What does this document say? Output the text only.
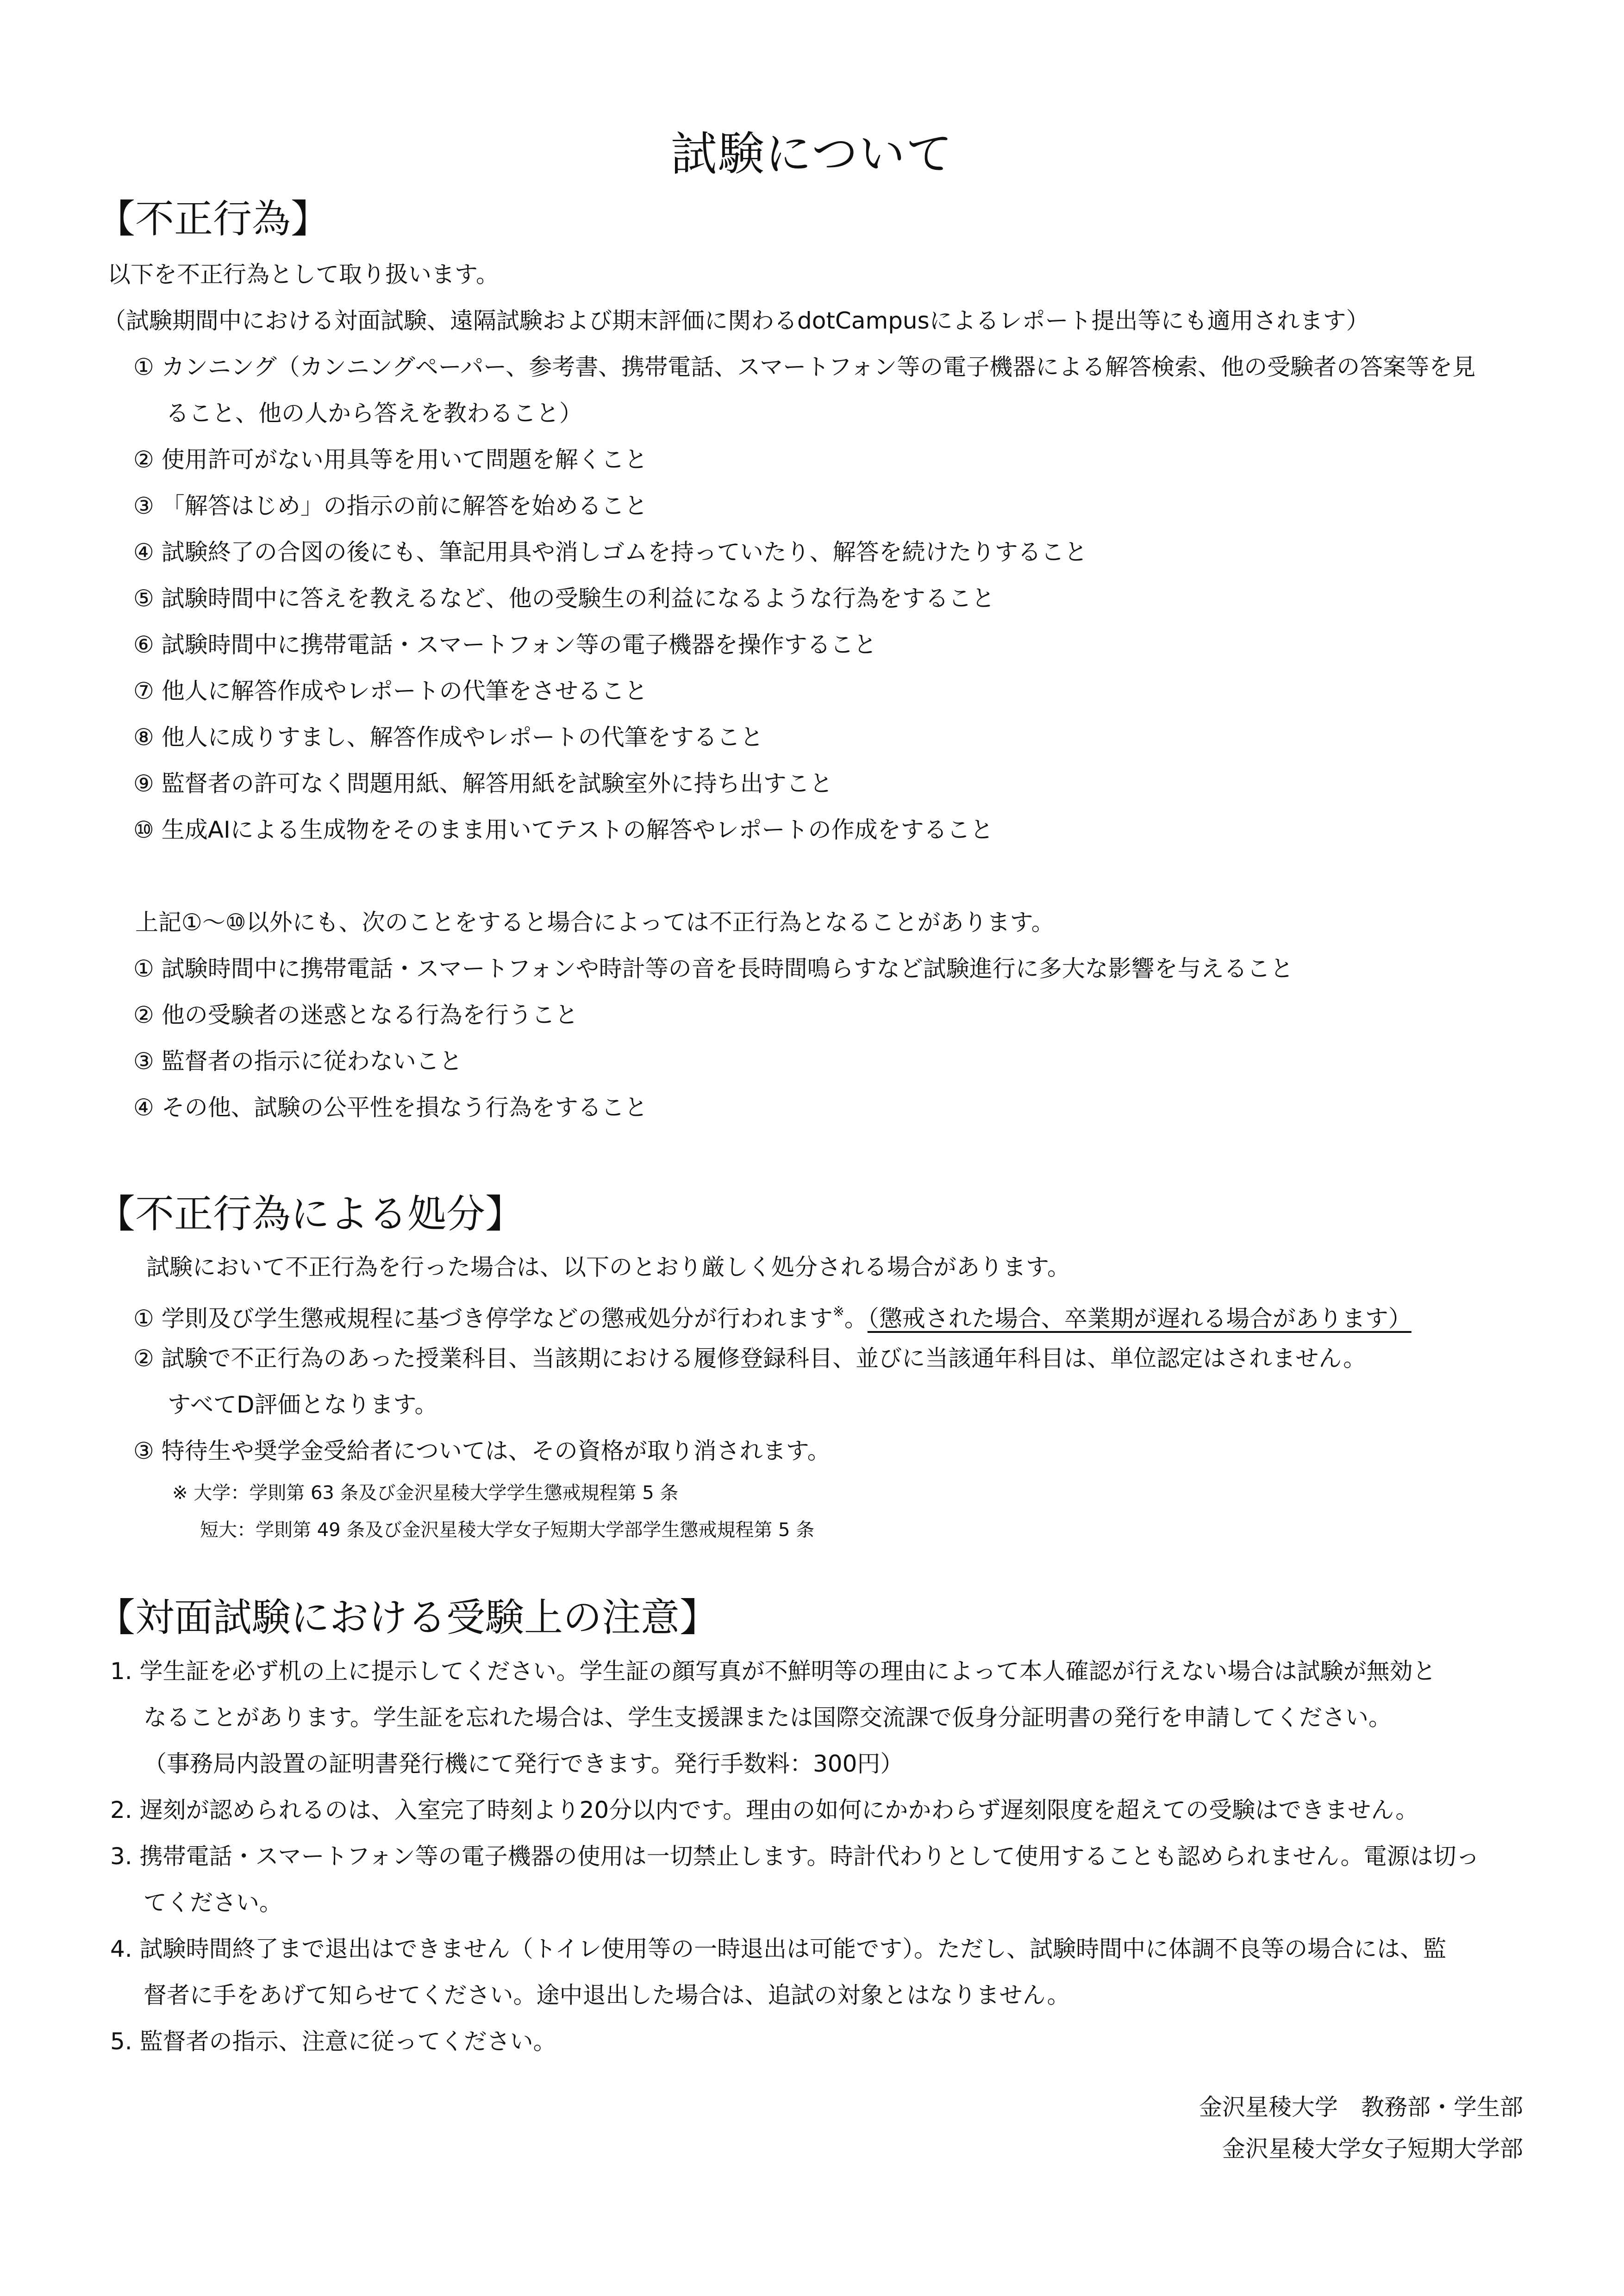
試験について
【不正行為】
以下を不正行為として取り扱います。
（試験期間中における対面試験、遠隔試験および期末評価に関わるdotCampusによるレポート提出等にも適用されます）
① カンニング（カンニングペーパー、参考書、携帯電話、スマートフォン等の電子機器による解答検索、他の受験者の答案等を見
ること、他の人から答えを教わること）
② 使用許可がない用具等を用いて問題を解くこと
③ 「解答はじめ」の指示の前に解答を始めること
④ 試験終了の合図の後にも、筆記用具や消しゴムを持っていたり、解答を続けたりすること
⑤ 試験時間中に答えを教えるなど、他の受験生の利益になるような行為をすること
⑥ 試験時間中に携帯電話・スマートフォン等の電子機器を操作すること
⑦ 他人に解答作成やレポートの代筆をさせること
⑧ 他人に成りすまし、解答作成やレポートの代筆をすること
⑨ 監督者の許可なく問題用紙、解答用紙を試験室外に持ち出すこと
⑩ 生成AIによる生成物をそのまま用いてテストの解答やレポートの作成をすること
上記①～⑩以外にも、次のことをすると場合によっては不正行為となることがあります。
① 試験時間中に携帯電話・スマートフォンや時計等の音を長時間鳴らすなど試験進行に多大な影響を与えること
② 他の受験者の迷惑となる行為を行うこと
③ 監督者の指示に従わないこと
④ その他、試験の公平性を損なう行為をすること
【不正行為による処分】
試験において不正行為を行った場合は、以下のとおり厳しく処分される場合があります。
① 学則及び学生懲戒規程に基づき停学などの懲戒処分が行われます※。（懲戒された場合、卒業期が遅れる場合があります）
② 試験で不正行為のあった授業科目、当該期における履修登録科目、並びに当該通年科目は、単位認定はされません。
すべてD評価となります。
③ 特待生や奨学金受給者については、その資格が取り消されます。
※ 大学：学則第 63 条及び金沢星稜大学学生懲戒規程第 5 条
短大：学則第 49 条及び金沢星稜大学女子短期大学部学生懲戒規程第 5 条
【対面試験における受験上の注意】
1. 学生証を必ず机の上に提示してください。学生証の顔写真が不鮮明等の理由によって本人確認が行えない場合は試験が無効と
なることがあります。学生証を忘れた場合は、学生支援課または国際交流課で仮身分証明書の発行を申請してください。
（事務局内設置の証明書発行機にて発行できます。発行手数料：300円）
2. 遅刻が認められるのは、入室完了時刻より20分以内です。理由の如何にかかわらず遅刻限度を超えての受験はできません。
3. 携帯電話・スマートフォン等の電子機器の使用は一切禁止します。時計代わりとして使用することも認められません。電源は切っ
てください。
4. 試験時間終了まで退出はできません（トイレ使用等の一時退出は可能です）。ただし、試験時間中に体調不良等の場合には、監
督者に手をあげて知らせてください。途中退出した場合は、追試の対象とはなりません。
5. 監督者の指示、注意に従ってください。
金沢星稜大学　教務部・学生部
金沢星稜大学女子短期大学部
